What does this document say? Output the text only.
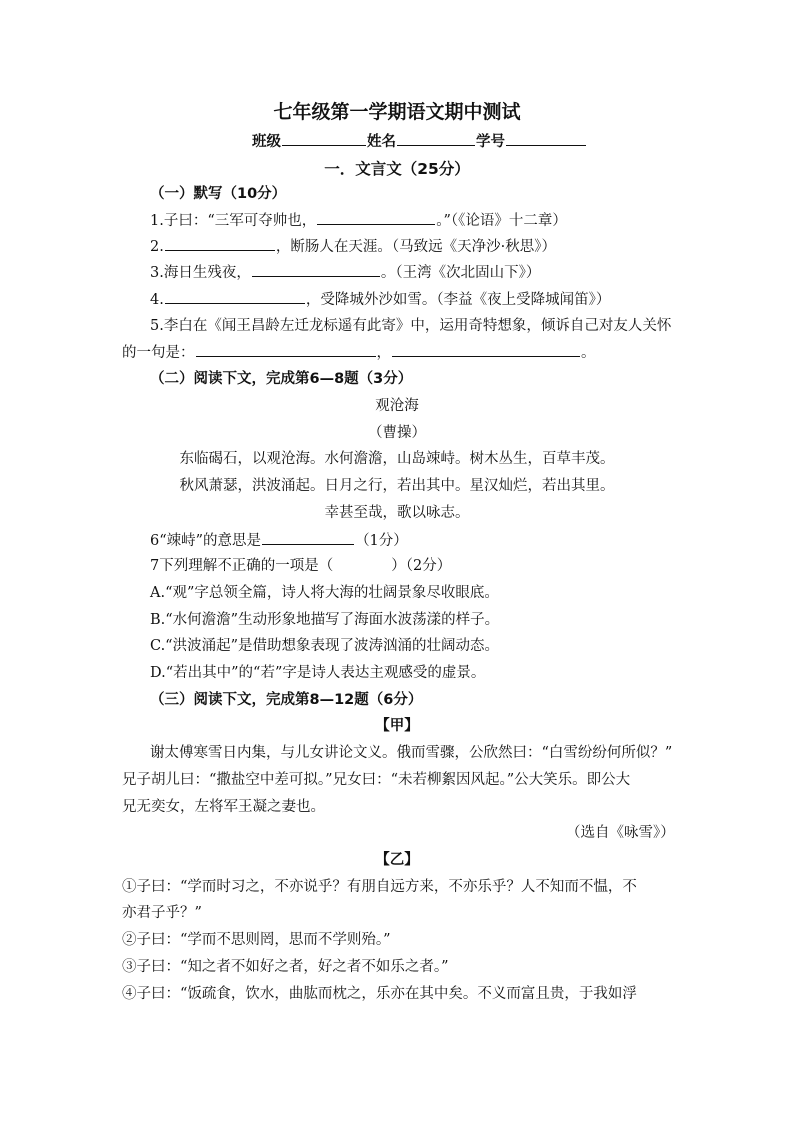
七年级第一学期语文期中测试
班级	姓名	学号
一．文言文（25分）
（一）默写（10分）
1.子曰：“三军可夺帅也，	。”（《论语》十二章）
2.	，断肠人在天涯。（马致远《天净沙·秋思》）
3.海日生残夜，	。（王湾《次北固山下》）
4.	，受降城外沙如雪。（李益《夜上受降城闻笛》）
5.李白在《闻王昌龄左迁龙标遥有此寄》中，运用奇特想象，倾诉自己对友人关怀
的一句是：	，	。
（二）阅读下文，完成第6—8题（3分）
观沧海
（曹操）
东临碣石，以观沧海。水何澹澹，山岛竦峙。树木丛生，百草丰茂。
秋风萧瑟，洪波涌起。日月之行，若出其中。星汉灿烂，若出其里。
幸甚至哉，歌以咏志。
6“竦峙”的意思是	（1分）
7下列理解不正确的一项是（　　　　）（2分）
A.“观”字总领全篇，诗人将大海的壮阔景象尽收眼底。
B.“水何澹澹”生动形象地描写了海面水波荡漾的样子。
C.“洪波涌起”是借助想象表现了波涛汹涌的壮阔动态。
D.“若出其中”的“若”字是诗人表达主观感受的虚景。
（三）阅读下文，完成第8—12题（6分）
【甲】
谢太傅寒雪日内集，与儿女讲论文义。俄而雪骤，公欣然曰：“白雪纷纷何所似？”
兄子胡儿曰：“撒盐空中差可拟。”兄女曰：“未若柳絮因风起。”公大笑乐。即公大
兄无奕女，左将军王凝之妻也。
（选自《咏雪》）
【乙】
①子曰：“学而时习之，不亦说乎？有朋自远方来，不亦乐乎？人不知而不愠，不
亦君子乎？”
②子曰：“学而不思则罔，思而不学则殆。”
③子曰：“知之者不如好之者，好之者不如乐之者。”
④子曰：“饭疏食，饮水，曲肱而枕之，乐亦在其中矣。不义而富且贵，于我如浮
